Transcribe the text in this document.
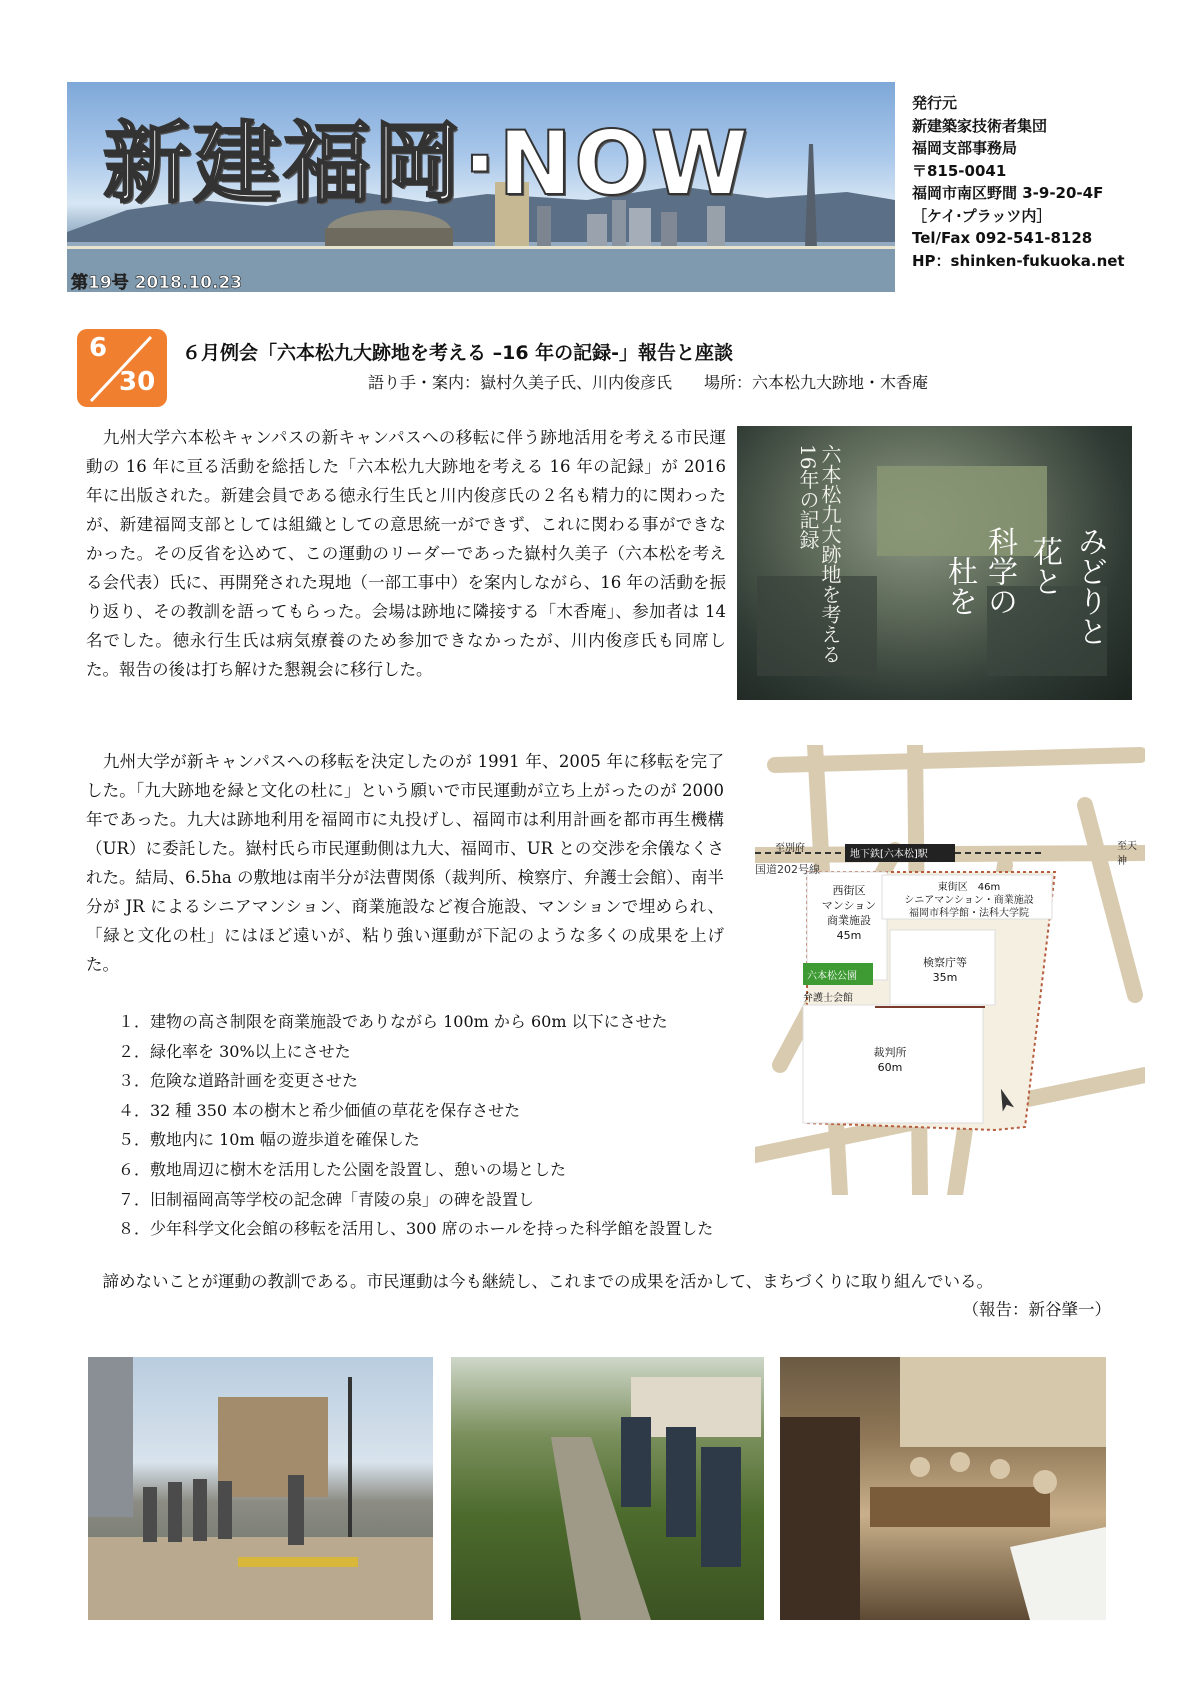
新建福岡·NOW
第19号 2018.10.23
発行元
新建築家技術者集団
福岡支部事務局
〒815-0041
福岡市南区野間 3-9-20-4F
［ケイ·プラッツ内］
Tel/Fax 092-541-8128
HP：shinken-fukuoka.net
6
30
６月例会「六本松九大跡地を考える –16 年の記録-」報告と座談
語り手・案内：嶽村久美子氏、川内俊彦氏　　場所：六本松九大跡地・木香庵
　九州大学六本松キャンパスの新キャンパスへの移転に伴う跡地活用を考える市民運動の 16 年に亘る活動を総括した「六本松九大跡地を考える 16 年の記録」が 2016 年に出版された。新建会員である徳永行生氏と川内俊彦氏の２名も精力的に関わったが、新建福岡支部としては組織としての意思統一ができず、これに関わる事ができなかった。その反省を込めて、この運動のリーダーであった嶽村久美子（六本松を考える会代表）氏に、再開発された現地（一部工事中）を案内しながら、16 年の活動を振り返り、その教訓を語ってもらった。会場は跡地に隣接する「木香庵」、参加者は 14 名でした。徳永行生氏は病気療養のため参加できなかったが、川内俊彦氏も同席した。報告の後は打ち解けた懇親会に移行した。
　九州大学が新キャンパスへの移転を決定したのが 1991 年、2005 年に移転を完了した。「九大跡地を緑と文化の杜に」という願いで市民運動が立ち上がったのが 2000 年であった。九大は跡地利用を福岡市に丸投げし、福岡市は利用計画を都市再生機構（UR）に委託した。嶽村氏ら市民運動側は九大、福岡市、UR との交渉を余儀なくされた。結局、6.5ha の敷地は南半分が法曹関係（裁判所、検察庁、弁護士会館）、南半分が JR によるシニアマンション、商業施設など複合施設、マンションで埋められ、「緑と文化の杜」にはほど遠いが、粘り強い運動が下記のような多くの成果を上げた。
１．建物の高さ制限を商業施設でありながら 100m から 60m 以下にさせた
２．緑化率を 30%以上にさせた
３．危険な道路計画を変更させた
４．32 種 350 本の樹木と希少価値の草花を保存させた
５．敷地内に 10m 幅の遊歩道を確保した
６．敷地周辺に樹木を活用した公園を設置し、憩いの場とした
７．旧制福岡高等学校の記念碑「青陵の泉」の碑を設置し
８．少年科学文化会館の移転を活用し、300 席のホールを持った科学館を設置した
　諦めないことが運動の教訓である。市民運動は今も継続し、これまでの成果を活かして、まちづくりに取り組んでいる。
（報告：新谷肇一）
六本松九大跡地を考える16年の記録
みどりと
花と
科学の
杜を
至別府	至天神
国道202号線
地下鉄[六本松]駅
西街区
マンション
商業施設
45m
東街区　46m
シニアマンション・商業施設
福岡市科学館・法科大学院
六本松公園
弁護士会館
検察庁等
35m
裁判所
60m
